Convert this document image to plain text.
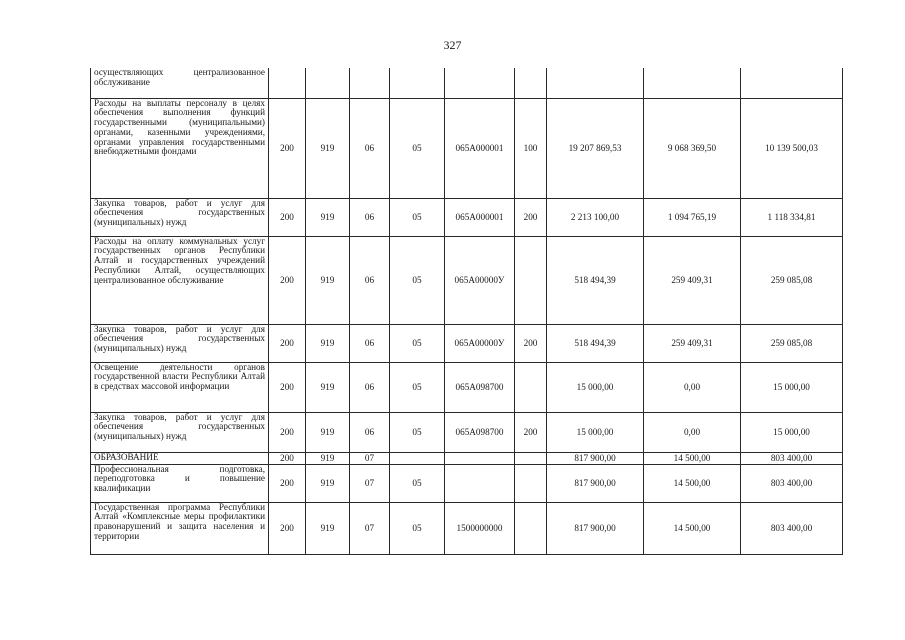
327
осуществляющих централизованное обслуживание									
Расходы на выплаты персоналу в целях обеспечения выполнения функций государственными (муниципальными) органами, казенными учреждениями, органами управления государственными внебюджетными фондами	200	919	06	05	065А000001	100	19 207 869,53	9 068 369,50	10 139 500,03
Закупка товаров, работ и услуг для обеспечения государственных (муниципальных) нужд	200	919	06	05	065А000001	200	2 213 100,00	1 094 765,19	1 118 334,81
Расходы на оплату коммунальных услуг государственных органов Республики Алтай и государственных учреждений Республики Алтай, осуществляющих централизованное обслуживание	200	919	06	05	065А00000У		518 494,39	259 409,31	259 085,08
Закупка товаров, работ и услуг для обеспечения государственных (муниципальных) нужд	200	919	06	05	065А00000У	200	518 494,39	259 409,31	259 085,08
Освещение деятельности органов государственной власти Республики Алтай в средствах массовой информации	200	919	06	05	065А098700		15 000,00	0,00	15 000,00
Закупка товаров, работ и услуг для обеспечения государственных (муниципальных) нужд	200	919	06	05	065А098700	200	15 000,00	0,00	15 000,00
ОБРАЗОВАНИЕ	200	919	07				817 900,00	14 500,00	803 400,00
Профессиональная подготовка, переподготовка и повышение квалификации	200	919	07	05			817 900,00	14 500,00	803 400,00
Государственная программа Республики Алтай «Комплексные меры профилактики правонарушений и защита населения и территории	200	919	07	05	1500000000		817 900,00	14 500,00	803 400,00
